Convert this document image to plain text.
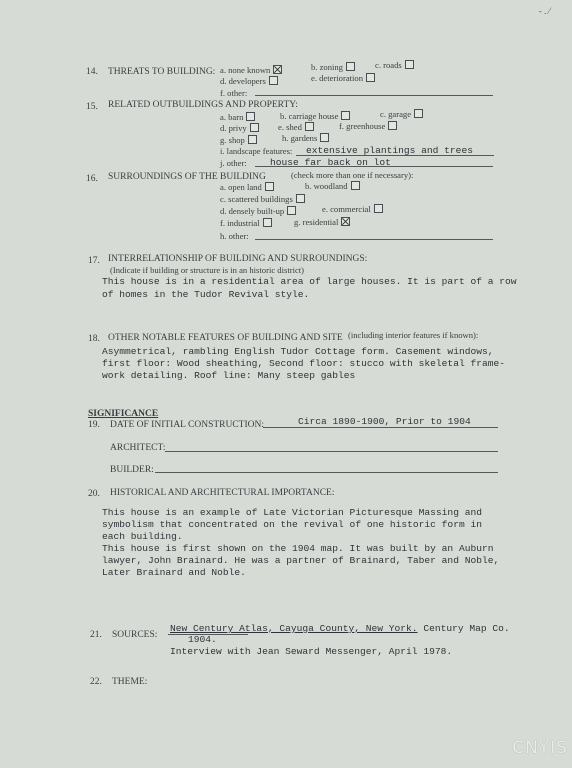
‑ . ⁄
14. THREATS TO BUILDING: a. none known	b. zoning	c. roads
d. developers	e. deterioration
f. other:
15. RELATED OUTBUILDINGS AND PROPERTY:
a. barn	b. carriage house	c. garage
d. privy	e. shed	f. greenhouse
g. shop	h. gardens
i. landscape features: extensive plantings and trees
j. other: house far back on lot
16. SURROUNDINGS OF THE BUILDING	(check more than one if necessary):
a. open land	b. woodland
c. scattered buildings
d. densely built-up	e. commercial
f. industrial	g. residential
h. other:
17. INTERRELATIONSHIP OF BUILDING AND SURROUNDINGS:
(Indicate if building or structure is in an historic district)
This house is in a residential area of large houses. It is part of a row
of homes in the Tudor Revival style.
18. OTHER NOTABLE FEATURES OF BUILDING AND SITE (including interior features if known):
Asymmetrical, rambling English Tudor Cottage form. Casement windows,
first floor: Wood sheathing, Second floor: stucco with skeletal frame-
work detailing. Roof line: Many steep gables
SIGNIFICANCE
19. DATE OF INITIAL CONSTRUCTION:	Circa 1890-1900, Prior to 1904
ARCHITECT:
BUILDER:
20. HISTORICAL AND ARCHITECTURAL IMPORTANCE:
This house is an example of Late Victorian Picturesque Massing and
symbolism that concentrated on the revival of one historic form in
each building.
This house is first shown on the 1904 map. It was built by an Auburn
lawyer, John Brainard. He was a partner of Brainard, Taber and Noble,
Later Brainard and Noble.
21. SOURCES:
New Century Atlas, Cayuga County, New York. Century Map Co.
1904.
Interview with Jean Seward Messenger, April 1978.
22. THEME:
CNYIS
